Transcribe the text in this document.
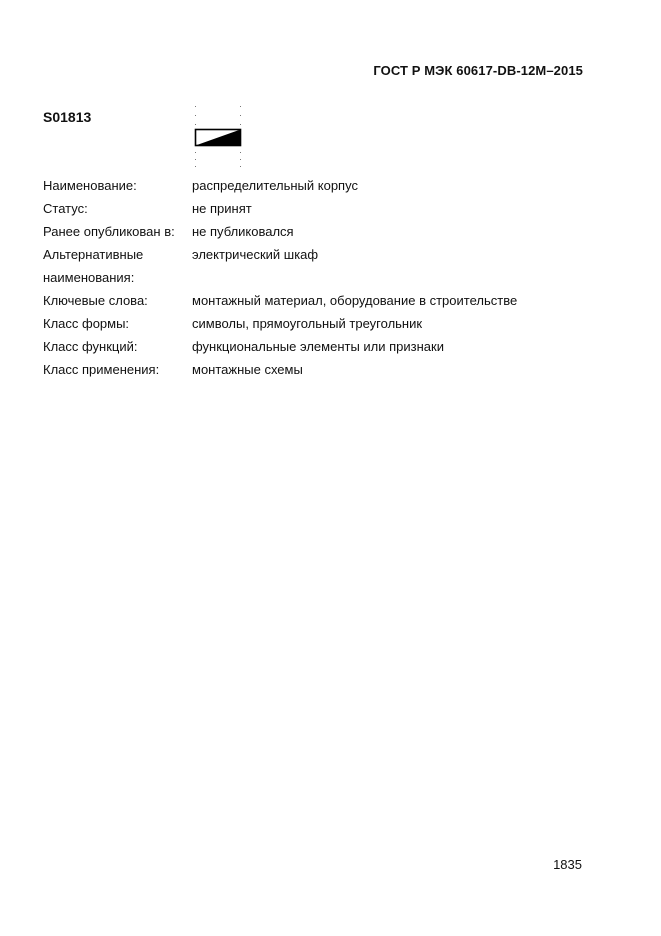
ГОСТ Р МЭК 60617-DB-12M–2015
S01813
Наименование:	распределительный корпус
Статус:	не принят
Ранее опубликован в:	не публиковался
Альтернативные	электрический шкаф
наименования:
Ключевые слова:	монтажный материал, оборудование в строительстве
Класс формы:	символы, прямоугольный треугольник
Класс функций:	функциональные элементы или признаки
Класс применения:	монтажные схемы
1835
